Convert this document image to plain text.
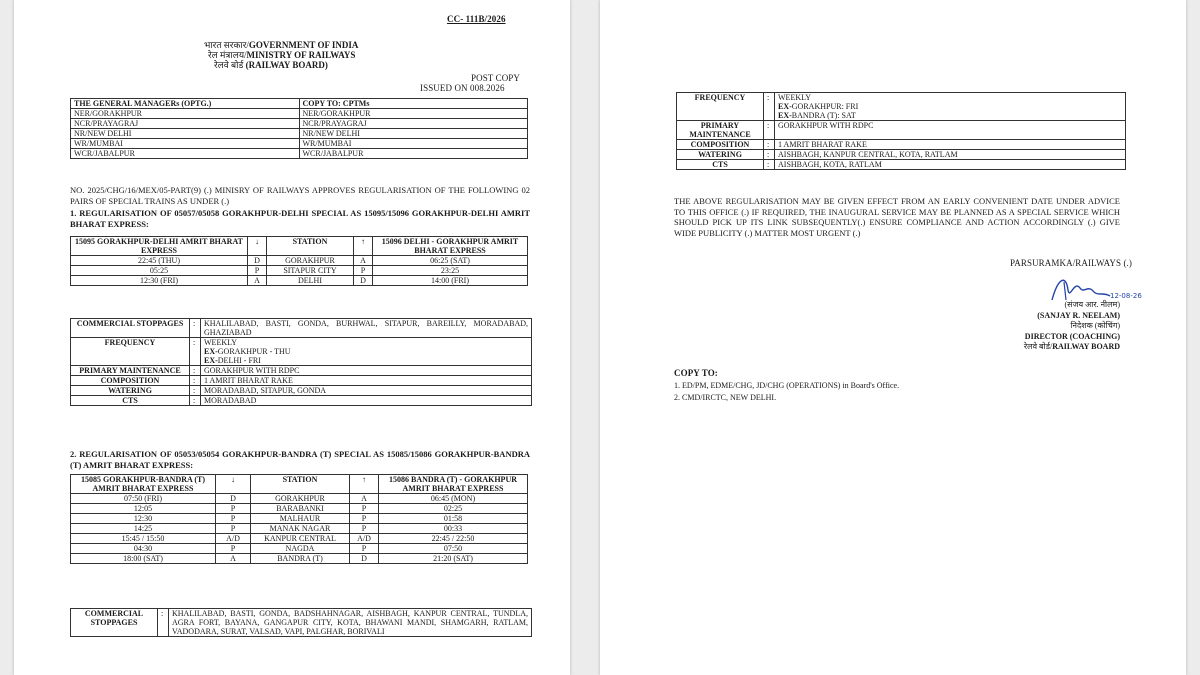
CC- 111B/2026
भारत सरकार/GOVERNMENT OF INDIA
रेल मंत्रालय/MINISTRY OF RAILWAYS
रेलवे बोर्ड (RAILWAY BOARD)
POST COPY
ISSUED ON 008.2026
THE GENERAL MANAGERs (OPTG.)	COPY TO: CPTMs
NER/GORAKHPUR	NER/GORAKHPUR
NCR/PRAYAGRAJ	NCR/PRAYAGRAJ
NR/NEW DELHI	NR/NEW DELHI
WR/MUMBAI	WR/MUMBAI
WCR/JABALPUR	WCR/JABALPUR
NO. 2025/CHG/16/MEX/05-PART(9) (.) MINISRY OF RAILWAYS APPROVES REGULARISATION OF THE FOLLOWING 02 PAIRS OF SPECIAL TRAINS AS UNDER (.)
1. REGULARISATION OF 05057/05058 GORAKHPUR-DELHI SPECIAL AS 15095/15096 GORAKHPUR-DELHI AMRIT BHARAT EXPRESS:
15095 GORAKHPUR-DELHI AMRIT BHARAT EXPRESS	↓	STATION	↑	15096 DELHI - GORAKHPUR AMRIT BHARAT EXPRESS
22:45 (THU)	D	GORAKHPUR	A	06:25 (SAT)
05:25	P	SITAPUR CITY	P	23:25
12:30 (FRI)	A	DELHI	D	14:00 (FRI)
COMMERCIAL STOPPAGES	:	KHALILABAD, BASTI, GONDA, BURHWAL, SITAPUR, BAREILLY, MORADABAD, GHAZIABAD
FREQUENCY	:	WEEKLY
EX-GORAKHPUR - THU
EX-DELHI - FRI

PRIMARY MAINTENANCE	:	GORAKHPUR WITH RDPC
COMPOSITION	:	1 AMRIT BHARAT RAKE
WATERING	:	MORADABAD, SITAPUR, GONDA
CTS	:	MORADABAD
2. REGULARISATION OF 05053/05054 GORAKHPUR-BANDRA (T) SPECIAL AS 15085/15086 GORAKHPUR-BANDRA (T) AMRIT BHARAT EXPRESS:
15085 GORAKHPUR-BANDRA (T) AMRIT BHARAT EXPRESS	↓	STATION	↑	15086 BANDRA (T) - GORAKHPUR AMRIT BHARAT EXPRESS
07:50 (FRI)	D	GORAKHPUR	A	06:45 (MON)
12:05	P	BARABANKI	P	02:25
12:30	P	MALHAUR	P	01:58
14:25	P	MANAK NAGAR	P	00:33
15:45 / 15:50	A/D	KANPUR CENTRAL	A/D	22:45 / 22:50
04:30	P	NAGDA	P	07:50
18:00 (SAT)	A	BANDRA (T)	D	21:20 (SAT)
COMMERCIAL STOPPAGES	:	KHALILABAD, BASTI, GONDA, BADSHAHNAGAR, AISHBAGH, KANPUR CENTRAL, TUNDLA, AGRA FORT, BAYANA, GANGAPUR CITY, KOTA, BHAWANI MANDI, SHAMGARH, RATLAM, VADODARA, SURAT, VALSAD, VAPI, PALGHAR, BORIVALI
FREQUENCY	:	WEEKLY
EX-GORAKHPUR: FRI
EX-BANDRA (T): SAT

PRIMARY MAINTENANCE	:	GORAKHPUR WITH RDPC
COMPOSITION	:	1 AMRIT BHARAT RAKE
WATERING	:	AISHBAGH, KANPUR CENTRAL, KOTA, RATLAM
CTS	:	AISHBAGH, KOTA, RATLAM
THE ABOVE REGULARISATION MAY BE GIVEN EFFECT FROM AN EARLY CONVENIENT DATE UNDER ADVICE TO THIS OFFICE (.) IF REQUIRED, THE INAUGURAL SERVICE MAY BE PLANNED AS A SPECIAL SERVICE WHICH SHOULD PICK UP ITS LINK SUBSEQUENTLY(.) ENSURE COMPLIANCE AND ACTION ACCORDINGLY (.) GIVE WIDE PUBLICITY (.) MATTER MOST URGENT (.)
PARSURAMKA/RAILWAYS (.)
12-08-26
(संजय आर. नीलम)
(SANJAY R. NEELAM)
निदेशक (कोचिंग)
DIRECTOR (COACHING)
रेलवे बोर्ड/RAILWAY BOARD
COPY TO:
1. ED/PM, EDME/CHG, JD/CHG (OPERATIONS) in Board's Office.
2. CMD/IRCTC, NEW DELHI.
